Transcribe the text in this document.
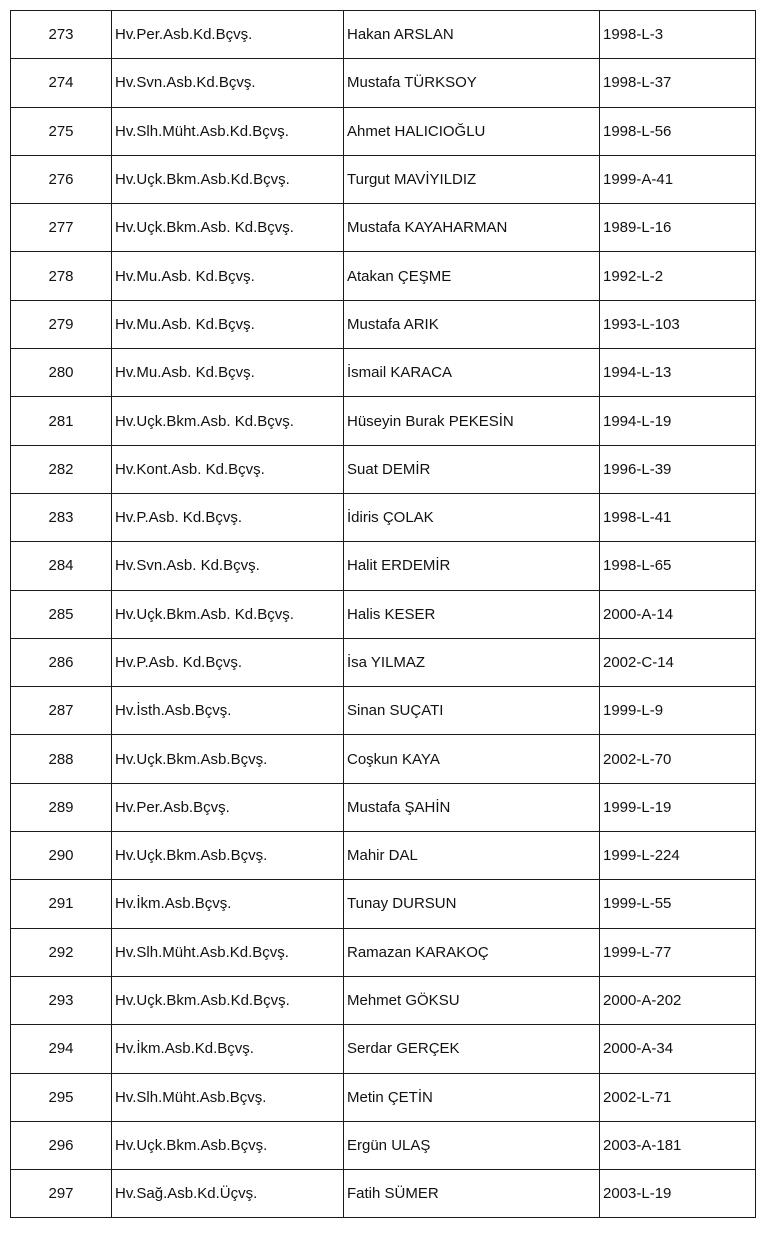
273	Hv.Per.Asb.Kd.Bçvş.	Hakan ARSLAN	1998-L-3
274	Hv.Svn.Asb.Kd.Bçvş.	Mustafa TÜRKSOY	1998-L-37
275	Hv.Slh.Müht.Asb.Kd.Bçvş.	Ahmet HALICIOĞLU	1998-L-56
276	Hv.Uçk.Bkm.Asb.Kd.Bçvş.	Turgut MAVİYILDIZ	1999-A-41
277	Hv.Uçk.Bkm.Asb. Kd.Bçvş.	Mustafa KAYAHARMAN	1989-L-16
278	Hv.Mu.Asb. Kd.Bçvş.	Atakan ÇEŞME	1992-L-2
279	Hv.Mu.Asb. Kd.Bçvş.	Mustafa ARIK	1993-L-103
280	Hv.Mu.Asb. Kd.Bçvş.	İsmail KARACA	1994-L-13
281	Hv.Uçk.Bkm.Asb. Kd.Bçvş.	Hüseyin Burak PEKESİN	1994-L-19
282	Hv.Kont.Asb. Kd.Bçvş.	Suat DEMİR	1996-L-39
283	Hv.P.Asb. Kd.Bçvş.	İdiris ÇOLAK	1998-L-41
284	Hv.Svn.Asb. Kd.Bçvş.	Halit ERDEMİR	1998-L-65
285	Hv.Uçk.Bkm.Asb. Kd.Bçvş.	Halis KESER	2000-A-14
286	Hv.P.Asb. Kd.Bçvş.	İsa YILMAZ	2002-C-14
287	Hv.İsth.Asb.Bçvş.	Sinan SUÇATI	1999-L-9
288	Hv.Uçk.Bkm.Asb.Bçvş.	Coşkun KAYA	2002-L-70
289	Hv.Per.Asb.Bçvş.	Mustafa ŞAHİN	1999-L-19
290	Hv.Uçk.Bkm.Asb.Bçvş.	Mahir DAL	1999-L-224
291	Hv.İkm.Asb.Bçvş.	Tunay DURSUN	1999-L-55
292	Hv.Slh.Müht.Asb.Kd.Bçvş.	Ramazan KARAKOÇ	1999-L-77
293	Hv.Uçk.Bkm.Asb.Kd.Bçvş.	Mehmet GÖKSU	2000-A-202
294	Hv.İkm.Asb.Kd.Bçvş.	Serdar GERÇEK	2000-A-34
295	Hv.Slh.Müht.Asb.Bçvş.	Metin ÇETİN	2002-L-71
296	Hv.Uçk.Bkm.Asb.Bçvş.	Ergün ULAŞ	2003-A-181
297	Hv.Sağ.Asb.Kd.Üçvş.	Fatih SÜMER	2003-L-19
